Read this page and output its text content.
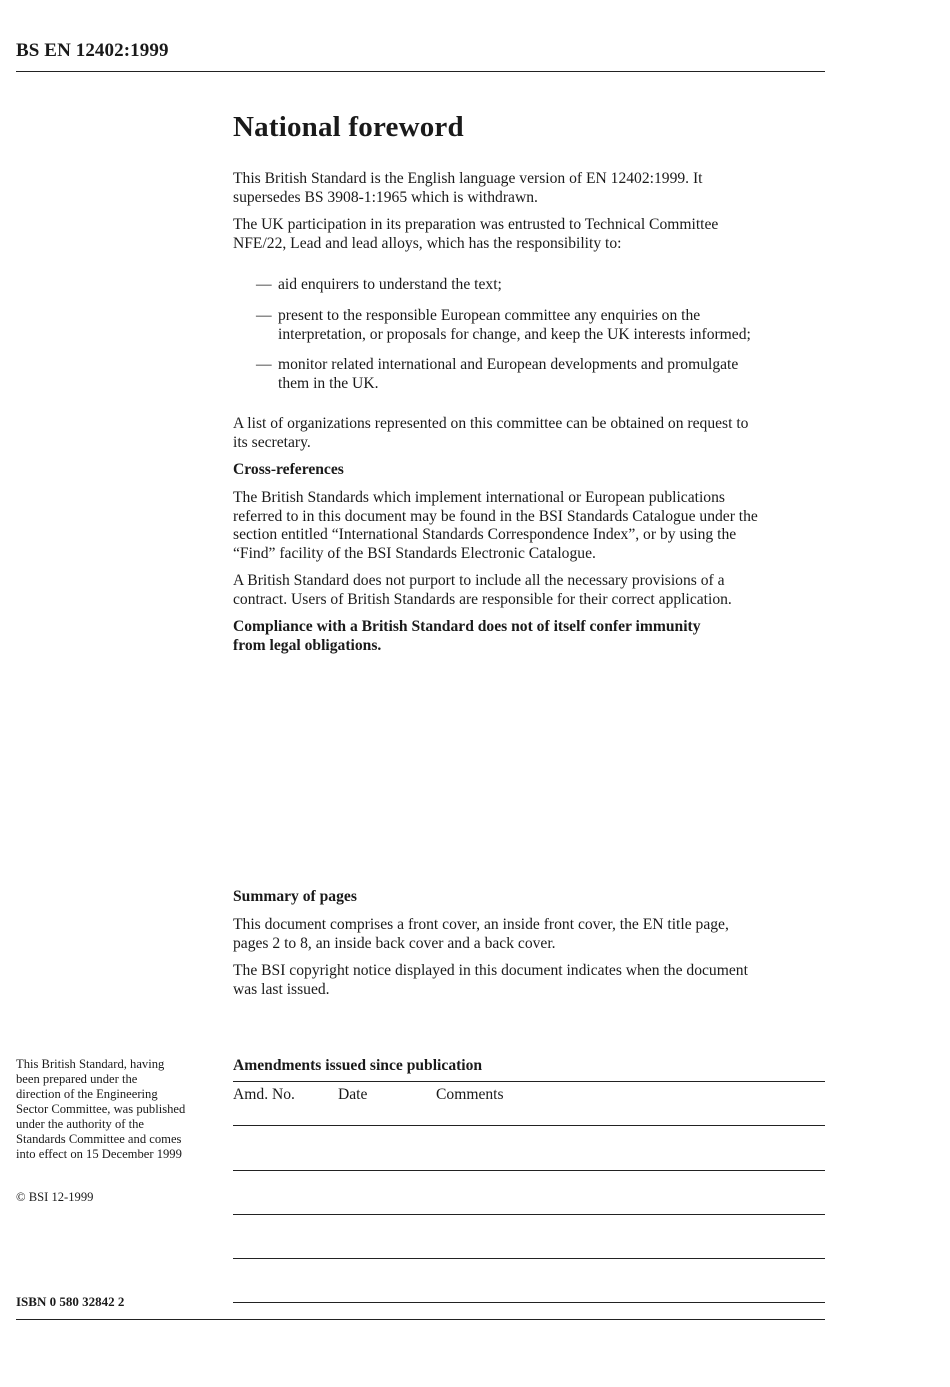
BS EN 12402:1999
National foreword

This British Standard is the English language version of EN 12402:1999. It

supersedes BS 3908-1:1965 which is withdrawn.

The UK participation in its preparation was entrusted to Technical Committee

NFE/22, Lead and lead alloys, which has the responsibility to:

— aid enquirers to understand the text;
— present to the responsible European committee any enquiries on the

interpretation, or proposals for change, and keep the UK interests informed;

— monitor related international and European developments and promulgate

them in the UK.

A list of organizations represented on this committee can be obtained on request to

its secretary.

Cross-references

The British Standards which implement international or European publications

referred to in this document may be found in the BSI Standards Catalogue under the

section entitled “International Standards Correspondence Index”, or by using the

“Find” facility of the BSI Standards Electronic Catalogue.

A British Standard does not purport to include all the necessary provisions of a

contract. Users of British Standards are responsible for their correct application.

Compliance with a British Standard does not of itself confer immunity

from legal obligations.

Summary of pages

This document comprises a front cover, an inside front cover, the EN title page,

pages 2 to 8, an inside back cover and a back cover.

The BSI copyright notice displayed in this document indicates when the document

was last issued.

This British Standard, having
been prepared under the
direction of the Engineering
Sector Committee, was published
under the authority of the
Standards Committee and comes
into effect on 15 December 1999
© BSI 12-1999
ISBN 0 580 32842 2
Amendments issued since publication
Amd. No.	Date	Comments
